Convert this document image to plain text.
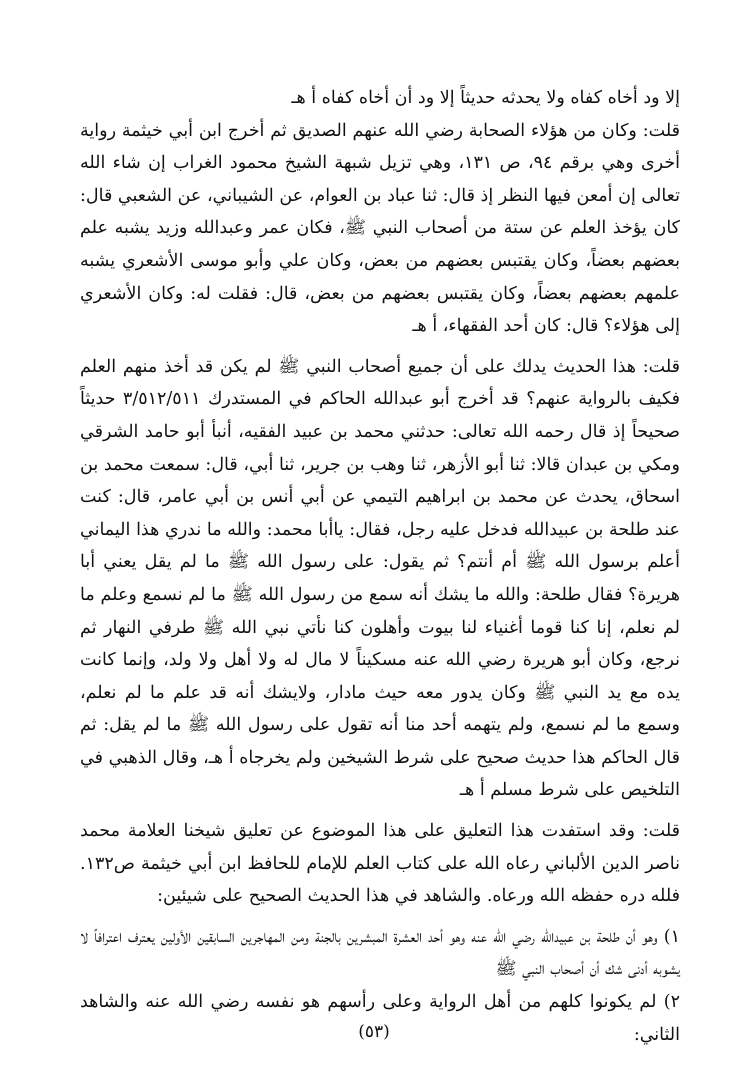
إلا ود أخاه كفاه ولا يحدثه حديثاً إلا ود أن أخاه كفاه أ هـ

قلت: وكان من هؤلاء الصحابة رضي الله عنهم الصديق ثم أخرج ابن أبي خيثمة رواية أخرى وهي برقم ٩٤، ص ١٣١، وهي تزيل شبهة الشيخ محمود الغراب إن شاء الله تعالى إن أمعن فيها النظر إذ قال: ثنا عباد بن العوام، عن الشيباني، عن الشعبي قال: كان يؤخذ العلم عن ستة من أصحاب النبي ﷺ، فكان عمر وعبدالله وزيد يشبه علم بعضهم بعضاً، وكان يقتبس بعضهم من بعض، وكان علي وأبو موسى الأشعري يشبه علمهم بعضهم بعضاً، وكان يقتبس بعضهم من بعض، قال: فقلت له: وكان الأشعري إلى هؤلاء؟ قال: كان أحد الفقهاء، أ هـ

قلت: هذا الحديث يدلك على أن جميع أصحاب النبي ﷺ لم يكن قد أخذ منهم العلم فكيف بالرواية عنهم؟ قد أخرج أبو عبدالله الحاكم في المستدرك ٣/٥١٢/٥١١ حديثاً صحيحاً إذ قال رحمه الله تعالى: حدثني محمد بن عبيد الفقيه، أنبأ أبو حامد الشرقي ومكي بن عبدان قالا: ثنا أبو الأزهر، ثنا وهب بن جرير، ثنا أبي، قال: سمعت محمد بن اسحاق، يحدث عن محمد بن ابراهيم التيمي عن أبي أنس بن أبي عامر، قال: كنت عند طلحة بن عبيدالله فدخل عليه رجل، فقال: ياأبا محمد: والله ما ندري هذا اليماني أعلم برسول الله ﷺ أم أنتم؟ ثم يقول: على رسول الله ﷺ ما لم يقل يعني أبا هريرة؟ فقال طلحة: والله ما يشك أنه سمع من رسول الله ﷺ ما لم نسمع وعلم ما لم نعلم، إنا كنا قوما أغنياء لنا بيوت وأهلون كنا نأتي نبي الله ﷺ طرفي النهار ثم نرجع، وكان أبو هريرة رضي الله عنه مسكيناً لا مال له ولا أهل ولا ولد، وإنما كانت يده مع يد النبي ﷺ وكان يدور معه حيث مادار، ولايشك أنه قد علم ما لم نعلم، وسمع ما لم نسمع، ولم يتهمه أحد منا أنه تقول على رسول الله ﷺ ما لم يقل: ثم قال الحاكم هذا حديث صحيح على شرط الشيخين ولم يخرجاه أ هـ، وقال الذهبي في التلخيص على شرط مسلم أ هـ

قلت: وقد استفدت هذا التعليق على هذا الموضوع عن تعليق شيخنا العلامة محمد ناصر الدين الألباني رعاه الله على كتاب العلم للإمام للحافظ ابن أبي خيثمة ص١٣٢. فلله دره حفظه الله ورعاه. والشاهد في هذا الحديث الصحيح على شيئين:

١) وهو أن طلحة بن عبيدالله رضي الله عنه وهو أحد العشرة المبشرين بالجنة ومن المهاجرين السابقين الأولين يعترف اعترافاً لا يشوبه أدنى شك أن أصحاب النبي ﷺ

٢) لم يكونوا كلهم من أهل الرواية وعلى رأسهم هو نفسه رضي الله عنه والشاهد الثاني:

(٥٣)
